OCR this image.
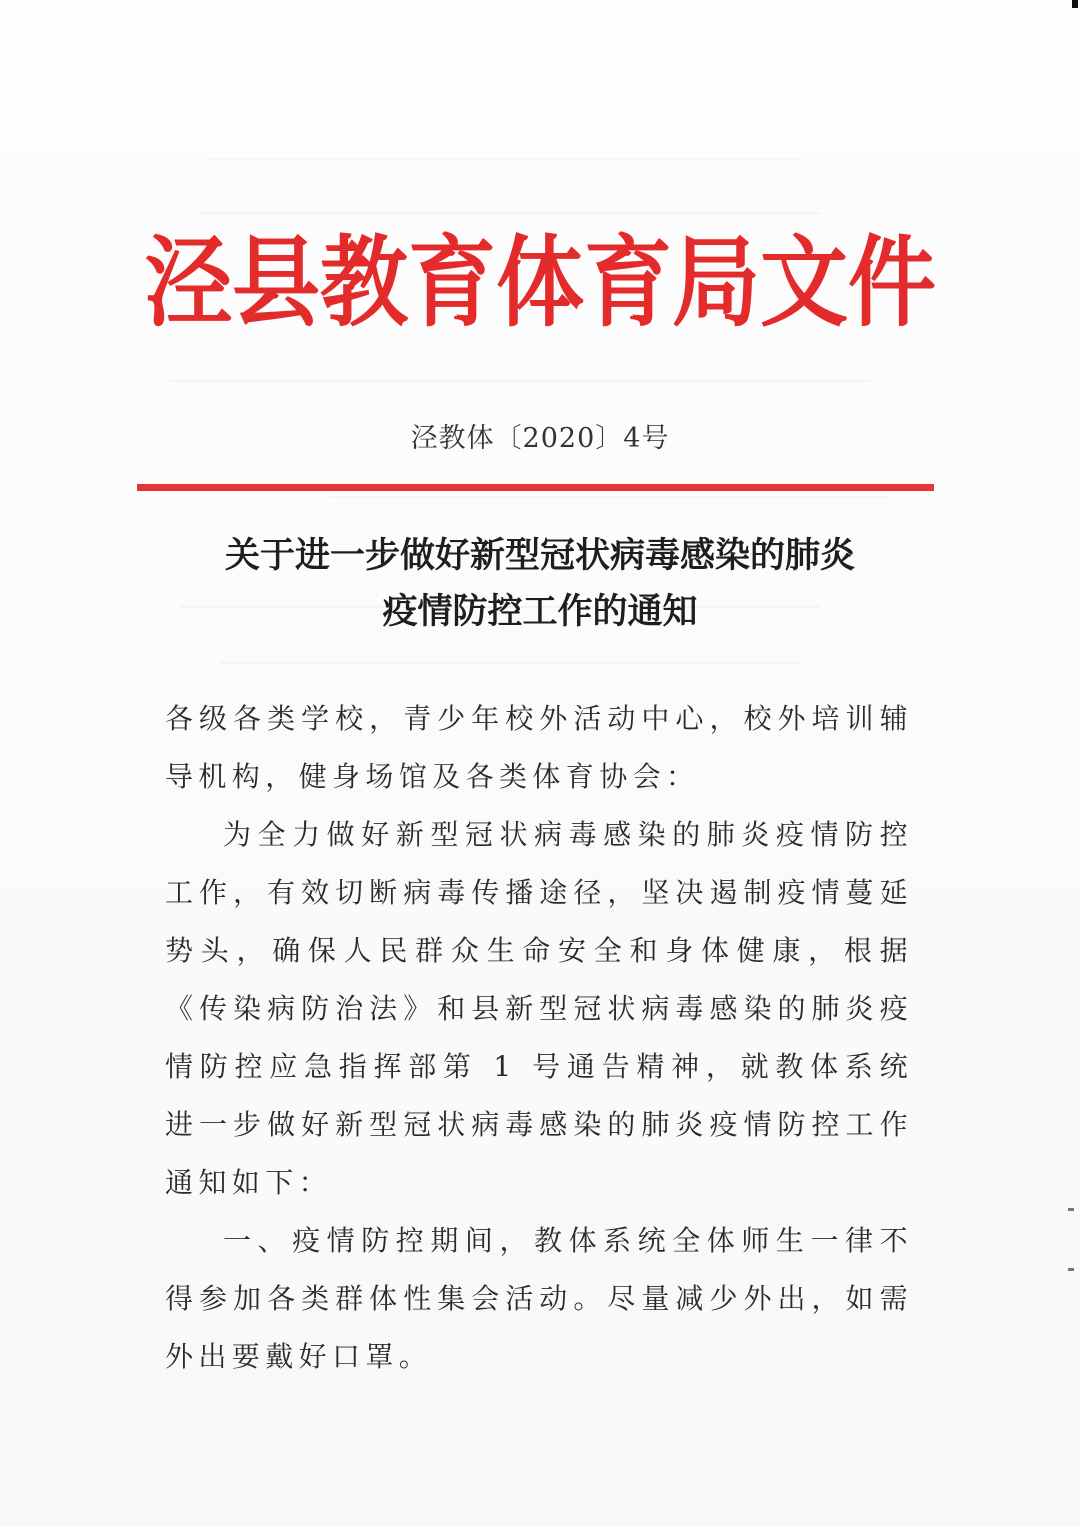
泾县教育体育局文件
泾教体〔2020〕4号
关于进一步做好新型冠状病毒感染的肺炎
疫情防控工作的通知

各级各类学校，青少年校外活动中心，校外培训辅导机构，健身场馆及各类体育协会：

为全力做好新型冠状病毒感染的肺炎疫情防控工作，有效切断病毒传播途径，坚决遏制疫情蔓延势头，确保人民群众生命安全和身体健康，根据《传染病防治法》和县新型冠状病毒感染的肺炎疫情防控应急指挥部第 1 号通告精神，就教体系统进一步做好新型冠状病毒感染的肺炎疫情防控工作通知如下：

一、疫情防控期间，教体系统全体师生一律不得参加各类群体性集会活动。尽量减少外出，如需外出要戴好口罩。
